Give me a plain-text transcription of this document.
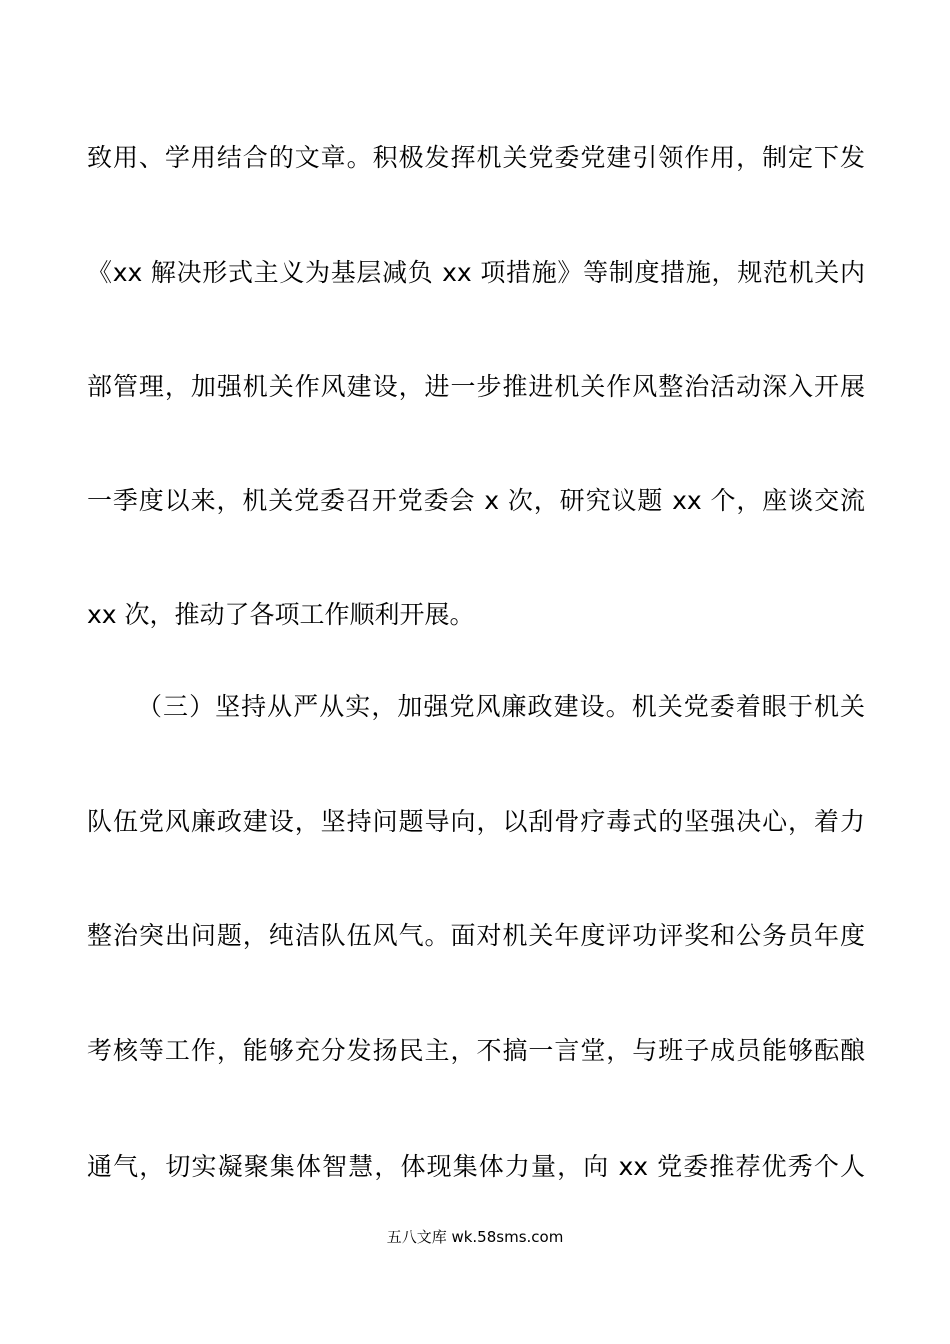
致用、学用结合的文章。积极发挥机关党委党建引领作用，制定下发
《xx 解决形式主义为基层减负 xx 项措施》等制度措施，规范机关内
部管理，加强机关作风建设，进一步推进机关作风整治活动深入开展
一季度以来，机关党委召开党委会 x 次，研究议题 xx 个，座谈交流
xx 次，推动了各项工作顺利开展。
（三）坚持从严从实，加强党风廉政建设。机关党委着眼于机关
队伍党风廉政建设，坚持问题导向，以刮骨疗毒式的坚强决心，着力
整治突出问题，纯洁队伍风气。面对机关年度评功评奖和公务员年度
考核等工作，能够充分发扬民主，不搞一言堂，与班子成员能够酝酿
通气，切实凝聚集体智慧，体现集体力量，向 xx 党委推荐优秀个人
五八文库 wk.58sms.com
